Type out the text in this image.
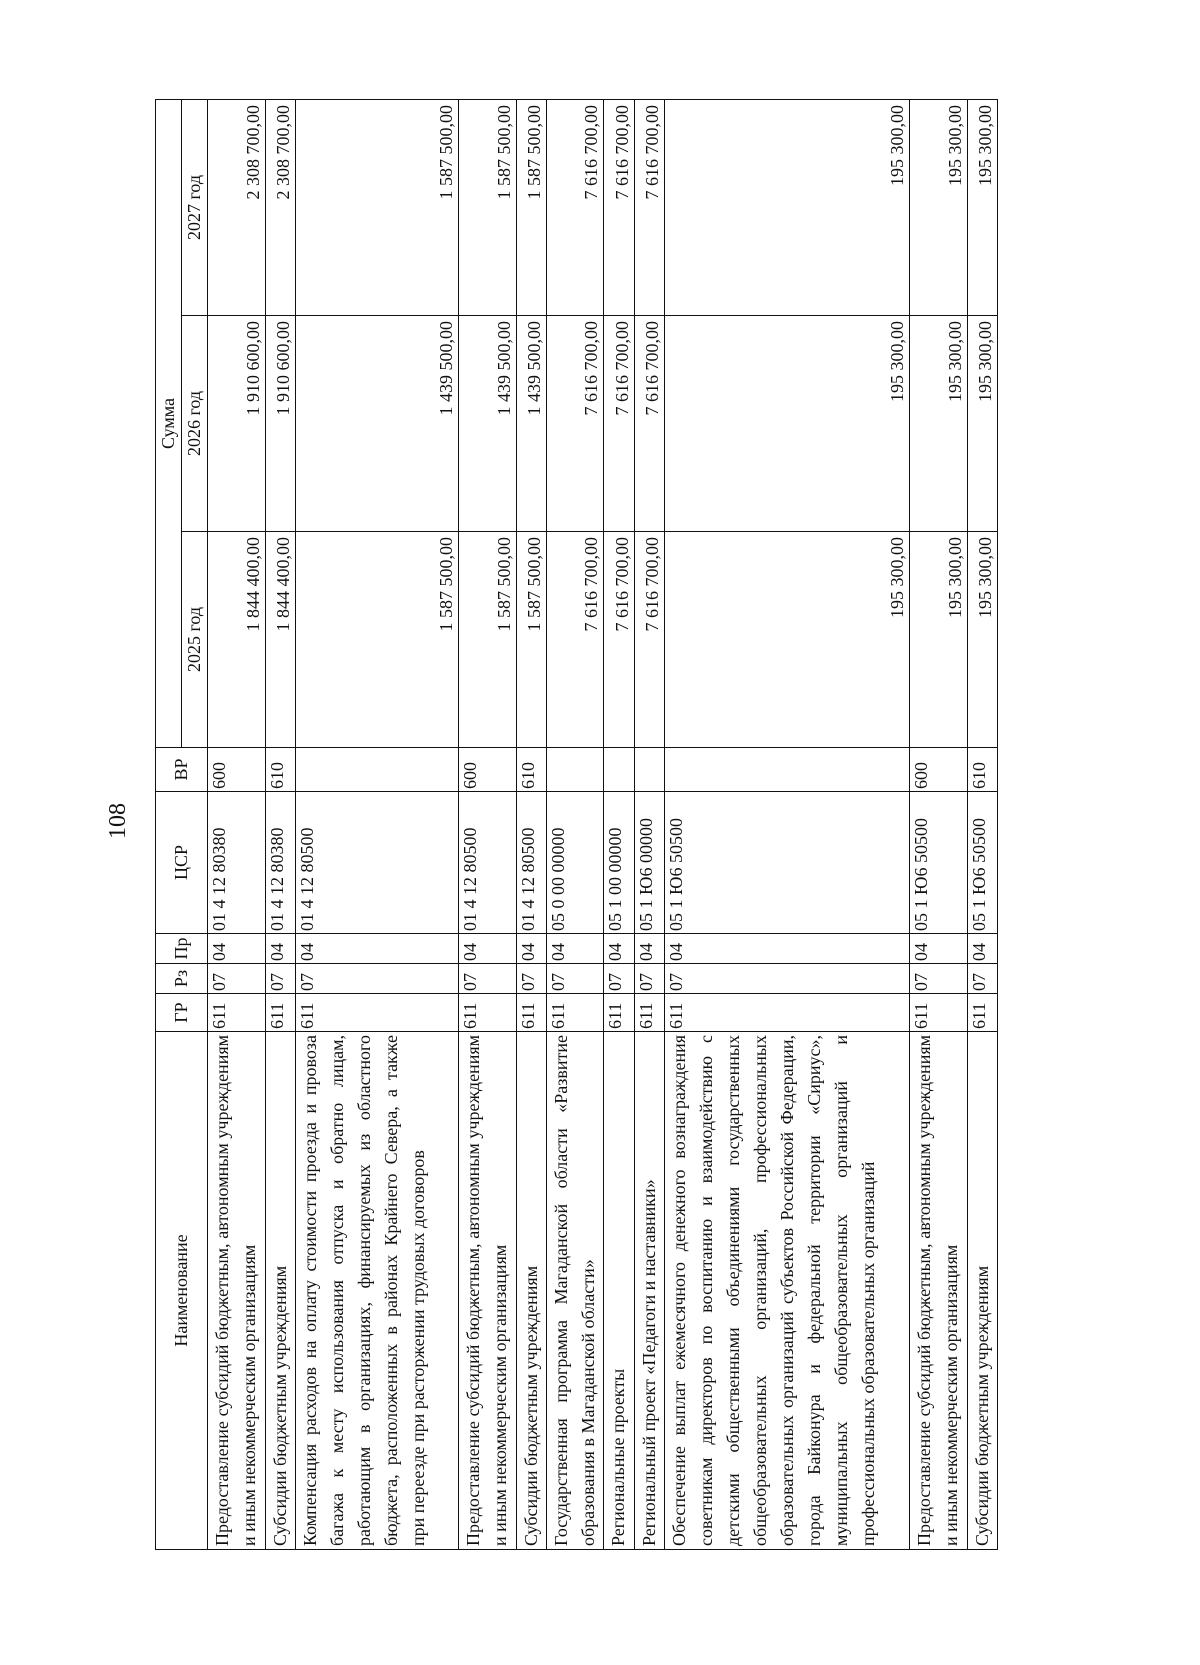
108
Наименование	ГР	Рз	Пр	ЦСР	ВР	Сумма		
						2025 год	2026 год	2027 год
Предоставление субсидий бюджетным, автономным учреждениям и иным некоммерческим организациям	611	07	04	01 4 12 80380	600	1 844 400,00	1 910 600,00	2 308 700,00
Субсидии бюджетным учреждениям	611	07	04	01 4 12 80380	610	1 844 400,00	1 910 600,00	2 308 700,00
Компенсация расходов на оплату стоимости проезда и провоза багажа к месту использования отпуска и обратно лицам, работающим в организациях, финансируемых из областного бюджета, расположенных в районах Крайнего Севера, а также при переезде при расторжении трудовых договоров	611	07	04	01 4 12 80500		1 587 500,00	1 439 500,00	1 587 500,00
Предоставление субсидий бюджетным, автономным учреждениям и иным некоммерческим организациям	611	07	04	01 4 12 80500	600	1 587 500,00	1 439 500,00	1 587 500,00
Субсидии бюджетным учреждениям	611	07	04	01 4 12 80500	610	1 587 500,00	1 439 500,00	1 587 500,00
Государственная программа Магаданской области «Развитие образования в Магаданской области»	611	07	04	05 0 00 00000		7 616 700,00	7 616 700,00	7 616 700,00
Региональные проекты	611	07	04	05 1 00 00000		7 616 700,00	7 616 700,00	7 616 700,00
Региональный проект «Педагоги и наставники»	611	07	04	05 1 Ю6 00000		7 616 700,00	7 616 700,00	7 616 700,00
Обеспечение выплат ежемесячного денежного вознаграждения советникам директоров по воспитанию и взаимодействию с детскими общественными объединениями государственных общеобразовательных организаций, профессиональных образовательных организаций субъектов Российской Федерации, города Байконура и федеральной территории «Сириус», муниципальных общеобразовательных организаций и профессиональных образовательных организаций	611	07	04	05 1 Ю6 50500		195 300,00	195 300,00	195 300,00
Предоставление субсидий бюджетным, автономным учреждениям и иным некоммерческим организациям	611	07	04	05 1 Ю6 50500	600	195 300,00	195 300,00	195 300,00
Субсидии бюджетным учреждениям	611	07	04	05 1 Ю6 50500	610	195 300,00	195 300,00	195 300,00
